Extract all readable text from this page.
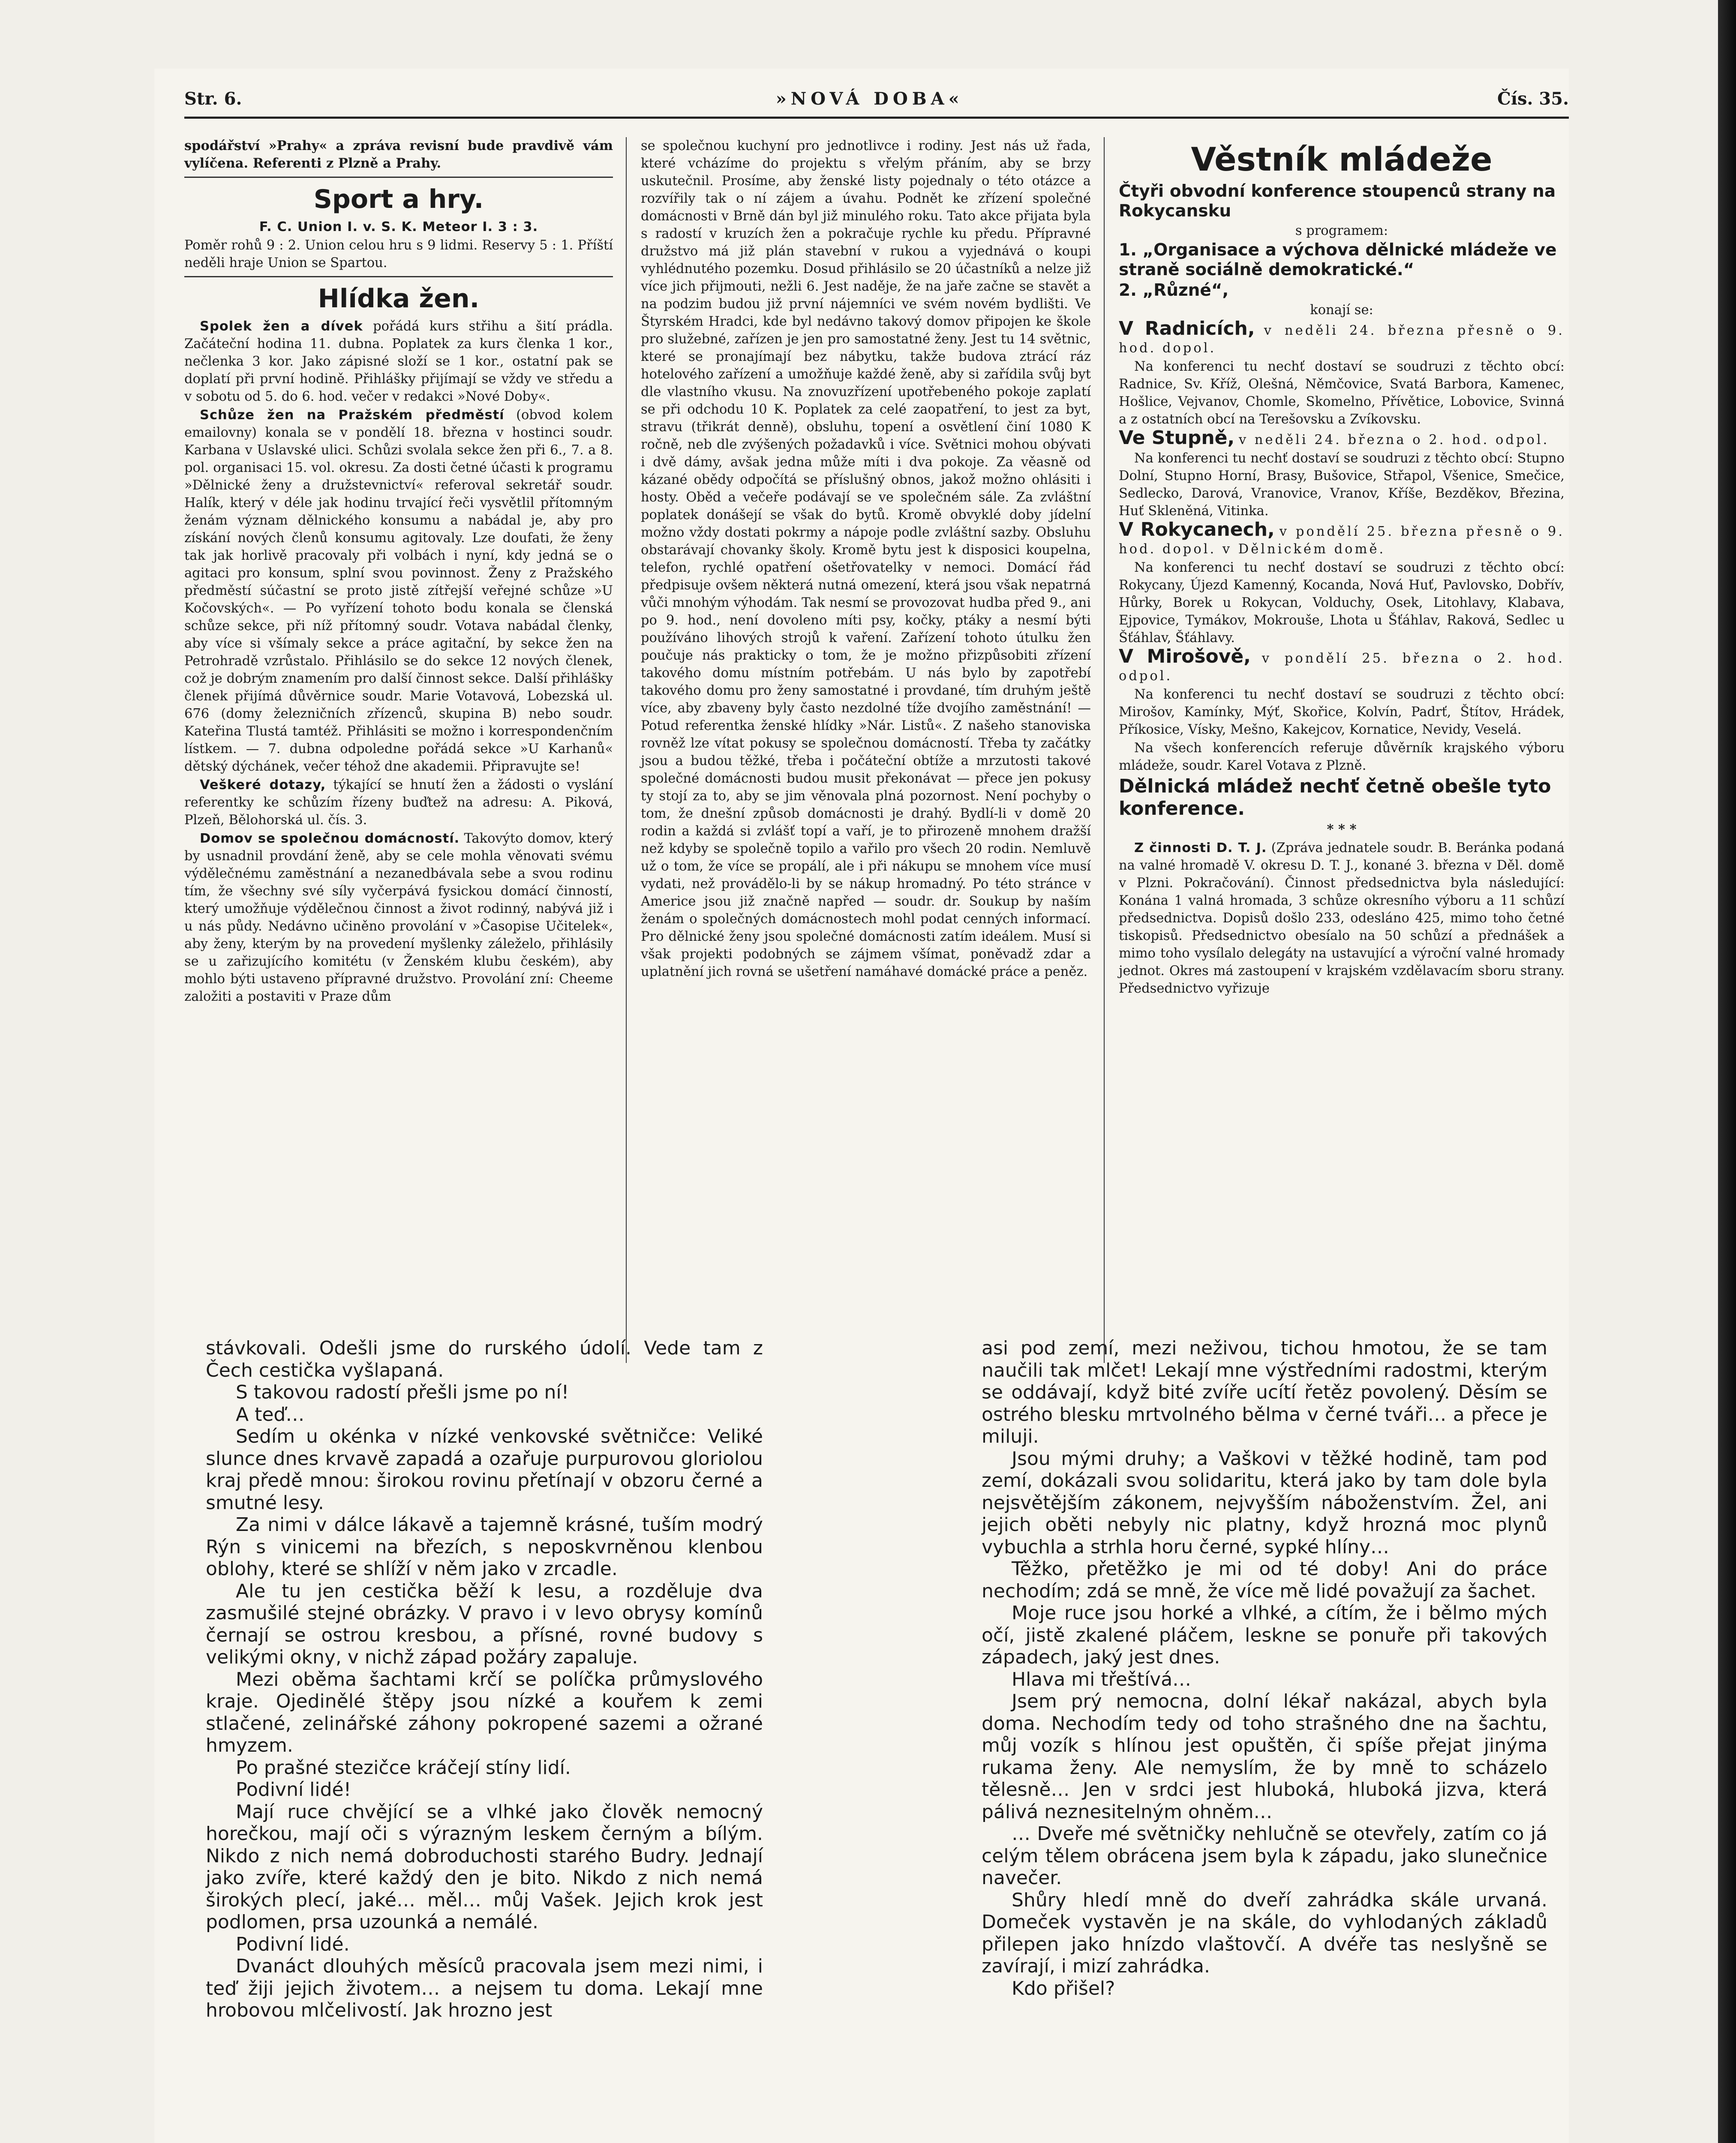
Str. 6.	»NOVÁ DOBA«	Čís. 35.

spodářství »Prahy« a zpráva revisní bude pravdivě vám vylíčena. Referenti z Plzně a Prahy.

Sport a hry.

F. C. Union I. v. S. K. Meteor I. 3 : 3.

Poměr rohů 9 : 2. Union celou hru s 9 lidmi. Reservy 5 : 1. Příští neděli hraje Union se Spartou.

Hlídka žen.

Spolek žen a dívek pořádá kurs střihu a šití prádla. Začáteční hodina 11. dubna. Poplatek za kurs členka 1 kor., nečlenka 3 kor. Jako zápisné složí se 1 kor., ostatní pak se doplatí při první hodině. Přihlášky přijímají se vždy ve středu a v sobotu od 5. do 6. hod. večer v redakci »Nové Doby«.

Schůze žen na Pražském předměstí (obvod kolem emailovny) konala se v pondělí 18. března v hostinci soudr. Karbana v Uslavské ulici. Schůzi svolala sekce žen při 6., 7. a 8. pol. organisaci 15. vol. okresu. Za dosti četné účasti k programu »Dělnické ženy a družstevnictví« referoval sekretář soudr. Halík, který v déle jak hodinu trvající řeči vysvětlil přítomným ženám význam dělnického konsumu a nabádal je, aby pro získání nových členů konsumu agitovaly. Lze doufati, že ženy tak jak horlivě pracovaly při volbách i nyní, kdy jedná se o agitaci pro konsum, splní svou povinnost. Ženy z Pražského předměstí súčastní se proto jistě zítřejší veřejné schůze »U Kočovských«. — Po vyřízení tohoto bodu konala se členská schůze sekce, při níž přítomný soudr. Votava nabádal členky, aby více si všímaly sekce a práce agitační, by sekce žen na Petrohradě vzrůstalo. Přihlásilo se do sekce 12 nových členek, což je dobrým znamením pro další činnost sekce. Další přihlášky členek přijímá důvěrnice soudr. Marie Votavová, Lobezská ul. 676 (domy železničních zřízenců, skupina B) nebo soudr. Kateřina Tlustá tamtéž. Přihlásiti se možno i korrespondenčním lístkem. — 7. dubna odpoledne pořádá sekce »U Karhanů« dětský dýchánek, večer téhož dne akademii. Připravujte se!

Veškeré dotazy, týkající se hnutí žen a žádosti o vyslání referentky ke schůzím řízeny buďtež na adresu: A. Piková, Plzeň, Bělohorská ul. čís. 3.

Domov se společnou domácností. Takovýto domov, který by usnadnil provdání ženě, aby se cele mohla věnovati svému výdělečnému zaměstnání a nezanedbávala sebe a svou rodinu tím, že všechny své síly vyčerpává fysickou domácí činností, který umožňuje výdělečnou činnost a život rodinný, nabývá již i u nás půdy. Nedávno učiněno provolání v »Časopise Učitelek«, aby ženy, kterým by na provedení myšlenky záleželo, přihlásily se u zařizujícího komitétu (v Ženském klubu českém), aby mohlo býti ustaveno přípravné družstvo. Provolání zní: Cheeme založiti a postaviti v Praze dům

se společnou kuchyní pro jednotlivce i rodiny. Jest nás už řada, které vcházíme do projektu s vřelým přáním, aby se brzy uskutečnil. Prosíme, aby ženské listy pojednaly o této otázce a rozvířily tak o ní zájem a úvahu. Podnět ke zřízení společné domácnosti v Brně dán byl již minulého roku. Tato akce přijata byla s radostí v kruzích žen a pokračuje rychle ku předu. Přípravné družstvo má již plán stavební v rukou a vyjednává o koupi vyhlédnutého pozemku. Dosud přihlásilo se 20 účastníků a nelze již více jich přijmouti, nežli 6. Jest naděje, že na jaře začne se stavět a na podzim budou již první nájemníci ve svém novém bydlišti. Ve Štyrském Hradci, kde byl nedávno takový domov připojen ke škole pro služebné, zařízen je jen pro samostatné ženy. Jest tu 14 světnic, které se pronajímají bez nábytku, takže budova ztrácí ráz hotelového zařízení a umožňuje každé ženě, aby si zařídila svůj byt dle vlastního vkusu. Na znovuzřízení upotřebeného pokoje zaplatí se při odchodu 10 K. Poplatek za celé zaopatření, to jest za byt, stravu (třikrát denně), obsluhu, topení a osvětlení činí 1080 K ročně, neb dle zvýšených požadavků i více. Světnici mohou obývati i dvě dámy, avšak jedna může míti i dva pokoje. Za věasně od kázané obědy odpočítá se příslušný obnos, jakož možno ohlásiti i hosty. Oběd a večeře podávají se ve společném sále. Za zvláštní poplatek donášejí se však do bytů. Kromě obvyklé doby jídelní možno vždy dostati pokrmy a nápoje podle zvláštní sazby. Obsluhu obstarávají chovanky školy. Kromě bytu jest k disposici koupelna, telefon, rychlé opatření ošetřovatelky v nemoci. Domácí řád předpisuje ovšem některá nutná omezení, která jsou však nepatrná vůči mnohým výhodám. Tak nesmí se provozovat hudba před 9., ani po 9. hod., není dovoleno míti psy, kočky, ptáky a nesmí býti používáno lihových strojů k vaření. Zařízení tohoto útulku žen poučuje nás prakticky o tom, že je možno přizpůsobiti zřízení takového domu místním potřebám. U nás bylo by zapotřebí takového domu pro ženy samostatné i provdané, tím druhým ještě více, aby zbaveny byly často nezdolné tíže dvojího zaměstnání! — Potud referentka ženské hlídky »Nár. Listů«. Z našeho stanoviska rovněž lze vítat pokusy se společnou domácností. Třeba ty začátky jsou a budou těžké, třeba i počáteční obtíže a mrzutosti takové společné domácnosti budou musit překonávat — přece jen pokusy ty stojí za to, aby se jim věnovala plná pozornost. Není pochyby o tom, že dnešní způsob domácnosti je drahý. Bydlí-li v domě 20 rodin a každá si zvlášť topí a vaří, je to přirozeně mnohem dražší než kdyby se společně topilo a vařilo pro všech 20 rodin. Nemluvě už o tom, že více se propálí, ale i při nákupu se mnohem více musí vydati, než provádělo-li by se nákup hromadný. Po této stránce v Americe jsou již značně napřed — soudr. dr. Soukup by naším ženám o společných domácnostech mohl podat cenných informací. Pro dělnické ženy jsou společné domácnosti zatím ideálem. Musí si však projekti podobných se zájmem všímat, poněvadž zdar a uplatnění jich rovná se ušetření namáhavé domácké práce a peněz.

Věstník mládeže

Čtyři obvodní konference stoupenců strany na Rokycansku

s programem:

1. „Organisace a výchova dělnické mládeže ve straně sociálně demokratické.“

2. „Různé“,

konají se:

V Radnicích, v neděli 24. března přesně o 9. hod. dopol.

Na konferenci tu nechť dostaví se soudruzi z těchto obcí: Radnice, Sv. Kříž, Olešná, Němčovice, Svatá Barbora, Kamenec, Hošlice, Vejvanov, Chomle, Skomelno, Přívětice, Lobovice, Svinná a z ostatních obcí na Terešovsku a Zvíkovsku.

Ve Stupně, v neděli 24. března o 2. hod. odpol.

Na konferenci tu nechť dostaví se soudruzi z těchto obcí: Stupno Dolní, Stupno Horní, Brasy, Bušovice, Střapol, Všenice, Smečice, Sedlecko, Darová, Vranovice, Vranov, Kříše, Bezděkov, Březina, Huť Skleněná, Vitinka.

V Rokycanech, v pondělí 25. března přesně o 9. hod. dopol. v Dělnickém domě.

Na konferenci tu nechť dostaví se soudruzi z těchto obcí: Rokycany, Újezd Kamenný, Kocanda, Nová Huť, Pavlovsko, Dobřív, Hůrky, Borek u Rokycan, Volduchy, Osek, Litohlavy, Klabava, Ejpovice, Tymákov, Mokrouše, Lhota u Šťáhlav, Raková, Sedlec u Šťáhlav, Šťáhlavy.

V Mirošově, v pondělí 25. března o 2. hod. odpol.

Na konferenci tu nechť dostaví se soudruzi z těchto obcí: Mirošov, Kamínky, Mýť, Skořice, Kolvín, Padrť, Štítov, Hrádek, Příkosice, Vísky, Mešno, Kakejcov, Kornatice, Nevidy, Veselá.

Na všech konferencích referuje důvěrník krajského výboru mládeže, soudr. Karel Votava z Plzně.

Dělnická mládež nechť četně obešle tyto konference.

* * *

Z činnosti D. T. J. (Zpráva jednatele soudr. B. Beránka podaná na valné hromadě V. okresu D. T. J., konané 3. března v Děl. domě v Plzni. Pokračování). Činnost předsednictva byla následující: Konána 1 valná hromada, 3 schůze okresního výboru a 11 schůzí předsednictva. Dopisů došlo 233, odesláno 425, mimo toho četné tiskopisů. Předsednictvo obesíalo na 50 schůzí a přednášek a mimo toho vysílalo delegáty na ustavující a výroční valné hromady jednot. Okres má zastoupení v krajském vzdělavacím sboru strany. Předsednictvo vyřizuje

stávkovali. Odešli jsme do rurského údolí. Vede tam z Čech cestička vyšlapaná.

S takovou radostí přešli jsme po ní!

A teď…

Sedím u okénka v nízké venkovské světničce: Veliké slunce dnes krvavě zapadá a ozařuje purpurovou gloriolou kraj předě mnou: širokou rovinu přetínají v obzoru černé a smutné lesy.

Za nimi v dálce lákavě a tajemně krásné, tuším modrý Rýn s vinicemi na březích, s neposkvrněnou klenbou oblohy, které se shlíží v něm jako v zrcadle.

Ale tu jen cestička běží k lesu, a rozděluje dva zasmušilé stejné obrázky. V pravo i v levo obrysy komínů černají se ostrou kresbou, a přísné, rovné budovy s velikými okny, v nichž západ požáry zapaluje.

Mezi oběma šachtami krčí se políčka průmyslového kraje. Ojedinělé štěpy jsou nízké a kouřem k zemi stlačené, zelinářské záhony pokropené sazemi a ožrané hmyzem.

Po prašné stezičce kráčejí stíny lidí.

Podivní lidé!

Mají ruce chvějící se a vlhké jako člověk nemocný horečkou, mají oči s výrazným leskem černým a bílým. Nikdo z nich nemá dobroduchosti starého Budry. Jednají jako zvíře, které každý den je bito. Nikdo z nich nemá širokých plecí, jaké… měl… můj Vašek. Jejich krok jest podlomen, prsa uzounká a nemálé.

Podivní lidé.

Dvanáct dlouhých měsíců pracovala jsem mezi nimi, i teď žiji jejich životem… a nejsem tu doma. Lekají mne hrobovou mlčelivostí. Jak hrozno jest

asi pod zemí, mezi neživou, tichou hmotou, že se tam naučili tak mlčet! Lekají mne výstředními radostmi, kterým se oddávají, když bité zvíře ucítí řetěz povolený. Děsím se ostrého blesku mrtvolného bělma v černé tváři… a přece je miluji.

Jsou mými druhy; a Vaškovi v těžké hodině, tam pod zemí, dokázali svou solidaritu, která jako by tam dole byla nejsvětějším zákonem, nejvyšším náboženstvím. Žel, ani jejich oběti nebyly nic platny, když hrozná moc plynů vybuchla a strhla horu černé, sypké hlíny…

Těžko, přetěžko je mi od té doby! Ani do práce nechodím; zdá se mně, že více mě lidé považují za šachet.

Moje ruce jsou horké a vlhké, a cítím, že i bělmo mých očí, jistě zkalené pláčem, leskne se ponuře při takových západech, jaký jest dnes.

Hlava mi třeštívá…

Jsem prý nemocna, dolní lékař nakázal, abych byla doma. Nechodím tedy od toho strašného dne na šachtu, můj vozík s hlínou jest opuštěn, či spíše přejat jinýma rukama ženy. Ale nemyslím, že by mně to scházelo tělesně… Jen v srdci jest hluboká, hluboká jizva, která pálivá neznesitelným ohněm…

… Dveře mé světničky nehlučně se otevřely, zatím co já celým tělem obrácena jsem byla k západu, jako slunečnice navečer.

Shůry hledí mně do dveří zahrádka skále urvaná. Domeček vystavěn je na skále, do vyhlodaných základů přilepen jako hnízdo vlaštovčí. A dvéře tas neslyšně se zavírají, i mizí zahrádka.

Kdo přišel?
